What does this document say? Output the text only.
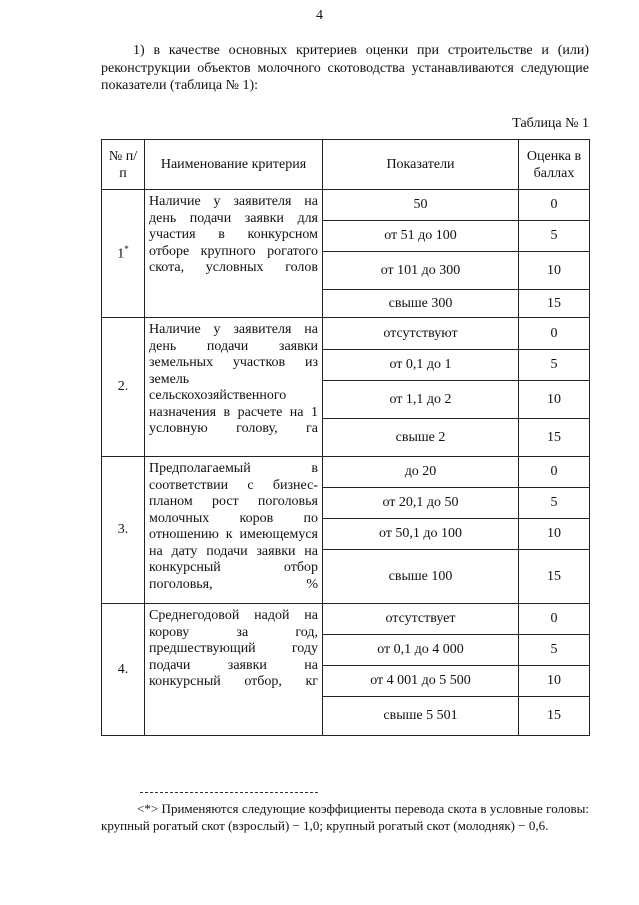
4

1) в качестве основных критериев оценки при строительстве и (или) реконструкции объектов молочного скотоводства устанавливаются следующие показатели (таблица № 1):

Таблица № 1
№ п/п	Наименование критерия	Показатели	Оценка в баллах
1*	Наличие у заявителя на день подачи заявки для участия в конкурсном отборе крупного рогатого скота, условных голов	50	0
		от 51 до 100	5
		от 101 до 300	10
		свыше 300	15
2.	Наличие у заявителя на день подачи заявки земельных участков из земель сельскохозяйственного назначения в расчете на 1 условную голову, га	отсутствуют	0
		от 0,1 до 1	5
		от 1,1 до 2	10
		свыше 2	15
3.	Предполагаемый в соответствии с бизнес-планом рост поголовья молочных коров по отношению к имеющемуся на дату подачи заявки на конкурсный отбор поголовья, %	до 20	0
		от 20,1 до 50	5
		от 50,1 до 100	10
		свыше 100	15
4.	Среднегодовой надой на корову за год, предшествующий году подачи заявки на конкурсный отбор, кг	отсутствует	0
		от 0,1 до 4 000	5
		от 4 001 до 5 500	10
		свыше 5 501	15

<*> Применяются следующие коэффициенты перевода скота в условные головы: крупный рогатый скот (взрослый) − 1,0; крупный рогатый скот (молодняк) − 0,6.
